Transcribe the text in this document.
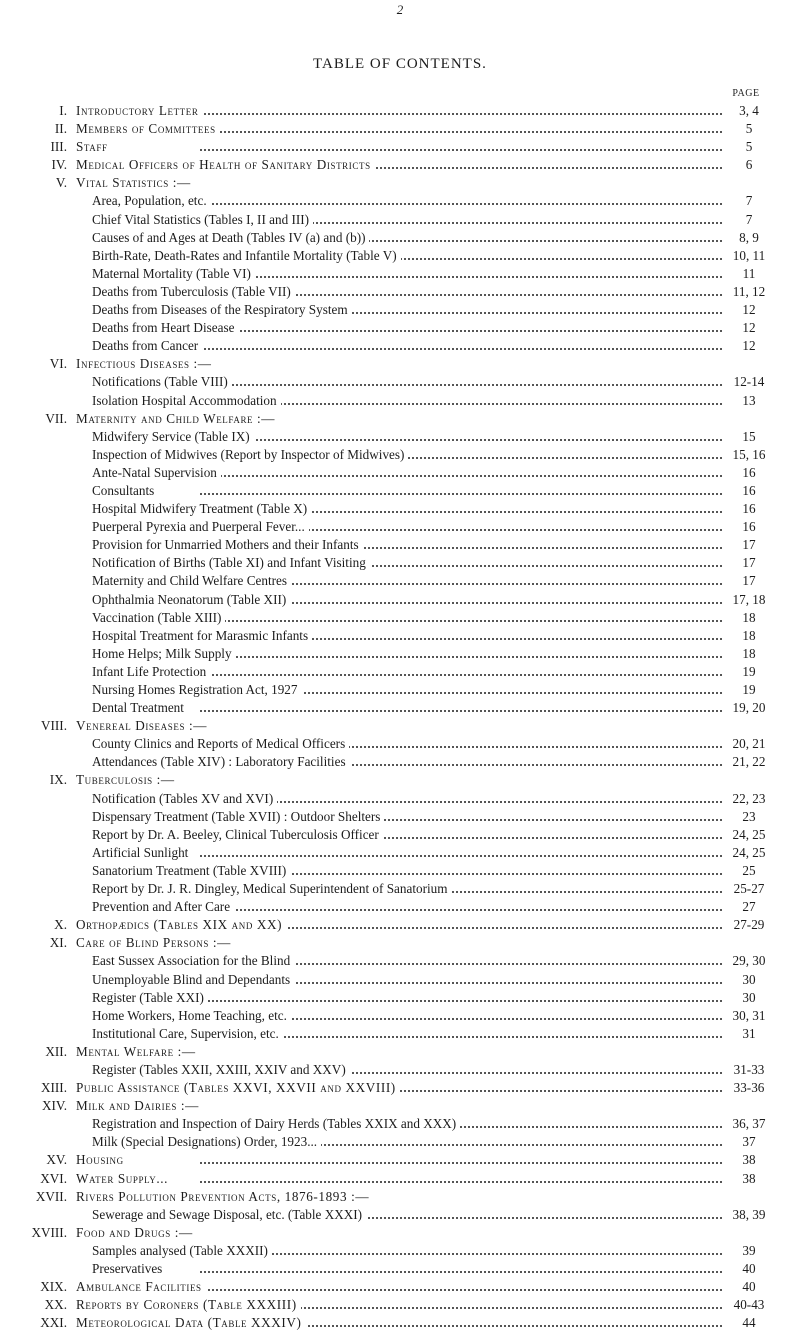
2
TABLE OF CONTENTS.
PAGE
I. Introductory Letter	3, 4
II. Members of Committees	5
III. Staff	5
IV. Medical Officers of Health of Sanitary Districts	6
V. Vital Statistics :—
Area, Population, etc.	7
Chief Vital Statistics (Tables I, II and III)	7
Causes of and Ages at Death (Tables IV (a) and (b))	8, 9
Birth-Rate, Death-Rates and Infantile Mortality (Table V)	10, 11
Maternal Mortality (Table VI)	11
Deaths from Tuberculosis (Table VII)	11, 12
Deaths from Diseases of the Respiratory System	12
Deaths from Heart Disease	12
Deaths from Cancer	12
VI. Infectious Diseases :—
Notifications (Table VIII)	12-14
Isolation Hospital Accommodation	13
VII. Maternity and Child Welfare :—
Midwifery Service (Table IX)	15
Inspection of Midwives (Report by Inspector of Midwives)	15, 16
Ante-Natal Supervision	16
Consultants	16
Hospital Midwifery Treatment (Table X)	16
Puerperal Pyrexia and Puerperal Fever...	16
Provision for Unmarried Mothers and their Infants	17
Notification of Births (Table XI) and Infant Visiting	17
Maternity and Child Welfare Centres	17
Ophthalmia Neonatorum (Table XII)	17, 18
Vaccination (Table XIII)	18
Hospital Treatment for Marasmic Infants	18
Home Helps; Milk Supply	18
Infant Life Protection	19
Nursing Homes Registration Act, 1927	19
Dental Treatment	19, 20
VIII. Venereal Diseases :—
County Clinics and Reports of Medical Officers	20, 21
Attendances (Table XIV) : Laboratory Facilities	21, 22
IX. Tuberculosis :—
Notification (Tables XV and XVI)	22, 23
Dispensary Treatment (Table XVII) : Outdoor Shelters	23
Report by Dr. A. Beeley, Clinical Tuberculosis Officer	24, 25
Artificial Sunlight	24, 25
Sanatorium Treatment (Table XVIII)	25
Report by Dr. J. R. Dingley, Medical Superintendent of Sanatorium	25-27
Prevention and After Care	27
X. Orthopædics (Tables XIX and XX)	27-29
XI. Care of Blind Persons :—
East Sussex Association for the Blind	29, 30
Unemployable Blind and Dependants	30
Register (Table XXI)	30
Home Workers, Home Teaching, etc.	30, 31
Institutional Care, Supervision, etc.	31
XII. Mental Welfare :—
Register (Tables XXII, XXIII, XXIV and XXV)	31-33
XIII. Public Assistance (Tables XXVI, XXVII and XXVIII)	33-36
XIV. Milk and Dairies :—
Registration and Inspection of Dairy Herds (Tables XXIX and XXX)	36, 37
Milk (Special Designations) Order, 1923...	37
XV. Housing	38
XVI. Water Supply...	38
XVII. Rivers Pollution Prevention Acts, 1876-1893 :—
Sewerage and Sewage Disposal, etc. (Table XXXI)	38, 39
XVIII. Food and Drugs :—
Samples analysed (Table XXXII)	39
Preservatives	40
XIX. Ambulance Facilities	40
XX. Reports by Coroners (Table XXXIII)	40-43
XXI. Meteorological Data (Table XXXIV)	44
